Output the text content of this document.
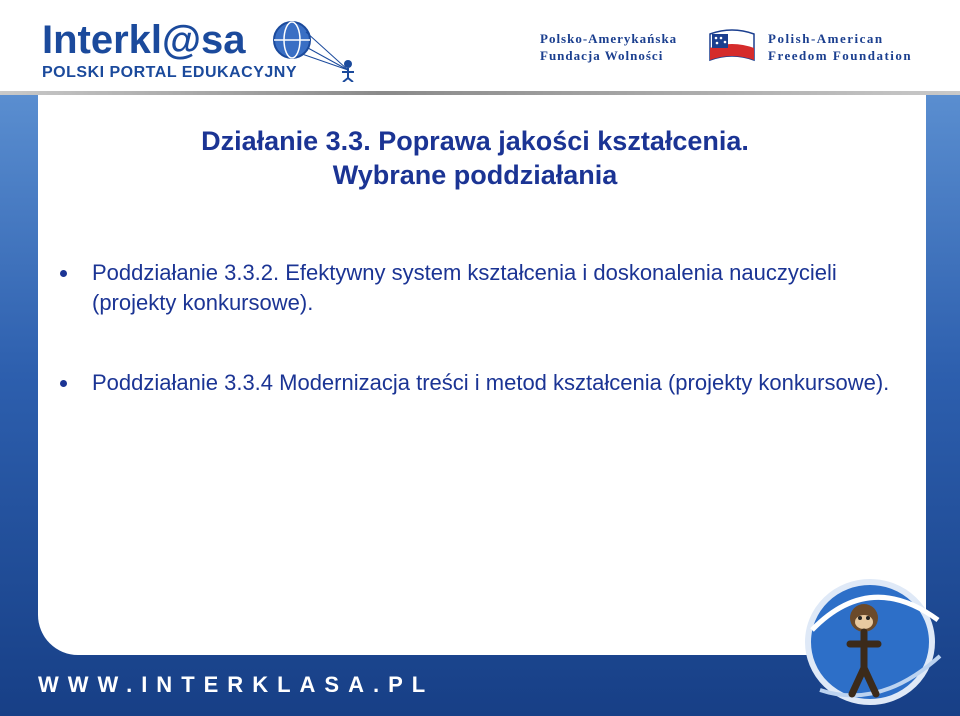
Interkl@sa
POLSKI PORTAL EDUKACYJNY
Polsko-Amerykańska
Fundacja Wolności
Polish-American
Freedom Foundation
Działanie 3.3. Poprawa jakości kształcenia.
Wybrane poddziałania
Poddziałanie 3.3.2. Efektywny system kształcenia i doskonalenia nauczycieli (projekty konkursowe).
Poddziałanie 3.3.4 Modernizacja treści i metod kształcenia (projekty konkursowe).
WWW.INTERKLASA.PL
